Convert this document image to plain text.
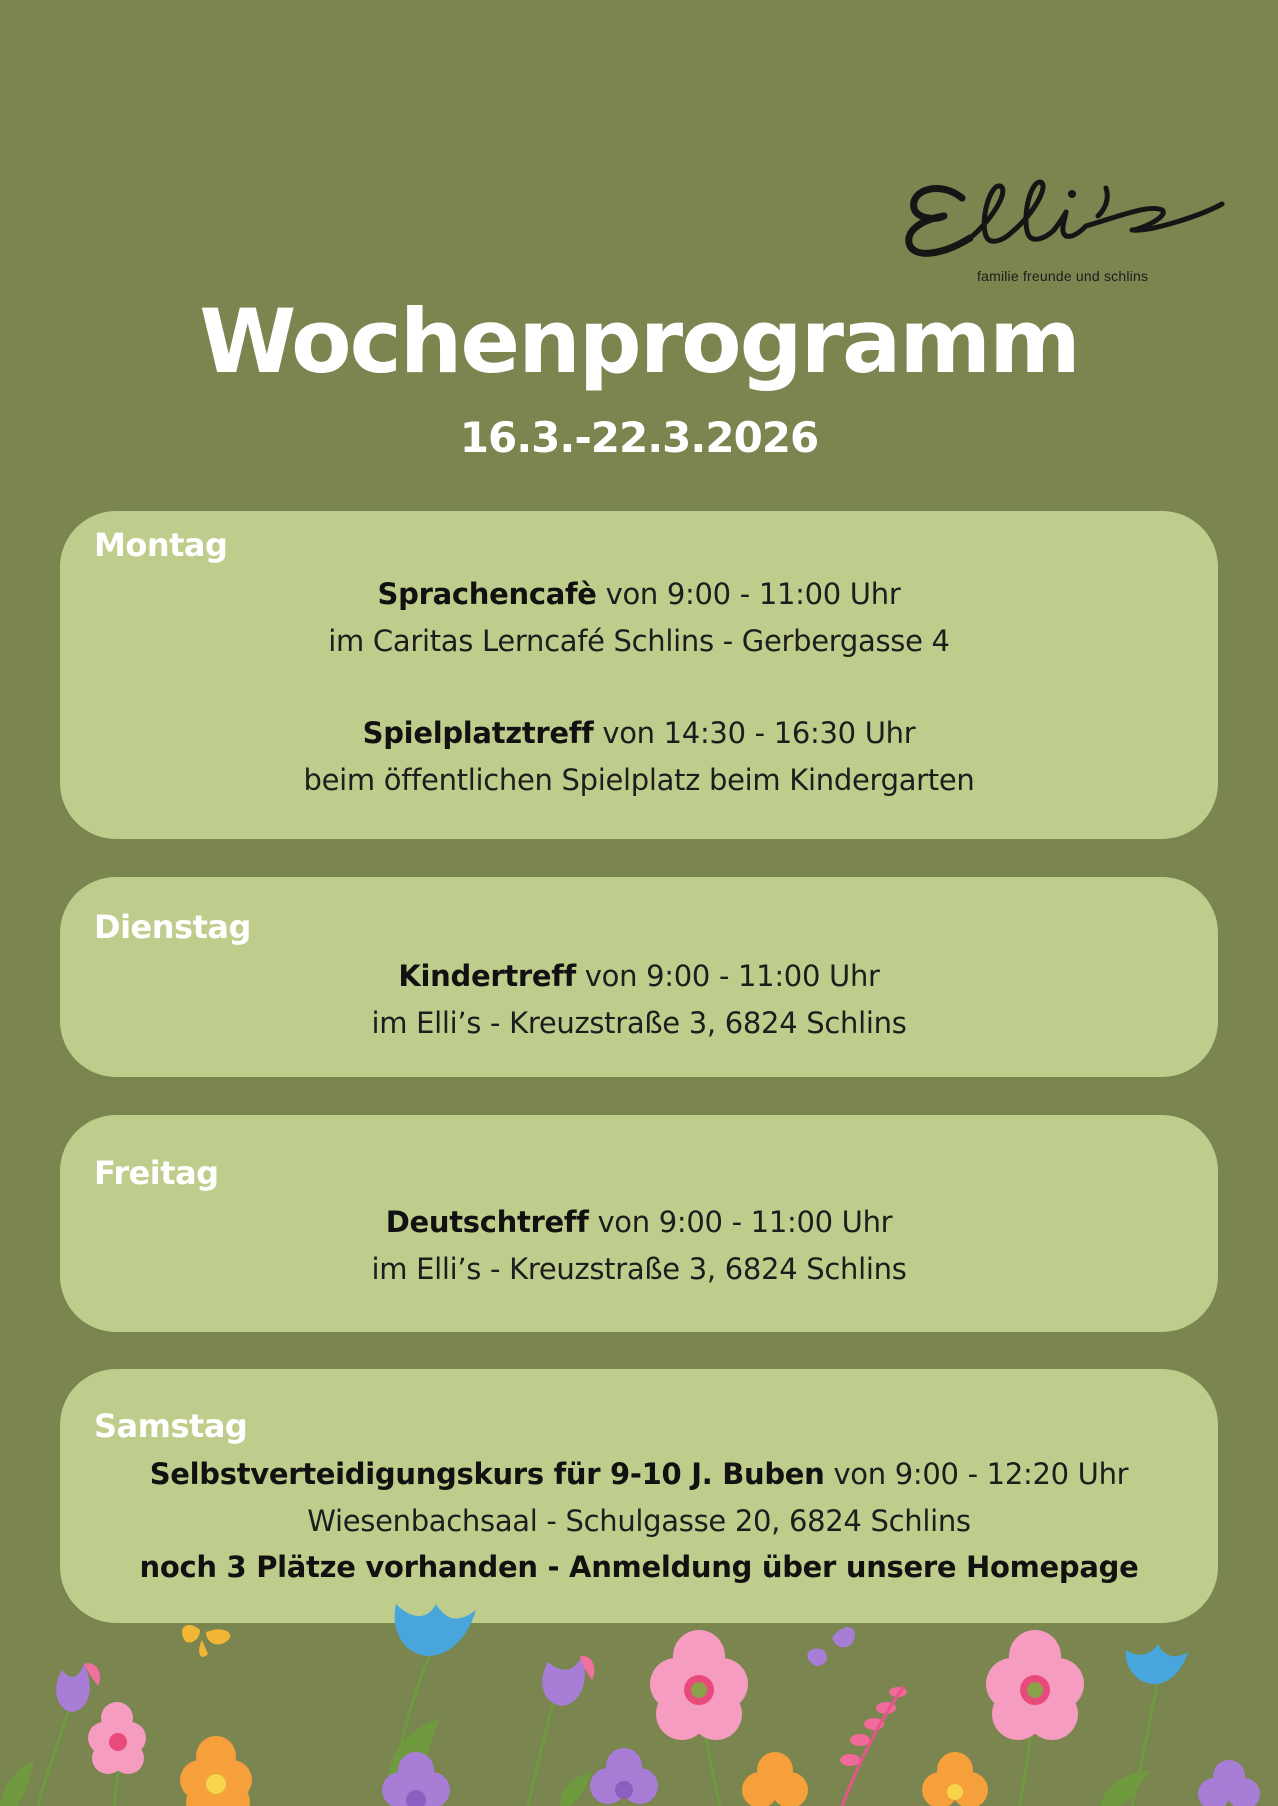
familie freunde und schlins
Wochenprogramm
16.3.-22.3.2026
Montag
Sprachencafè von 9:00 - 11:00 Uhr
im Caritas Lerncafé Schlins - Gerbergasse 4
Spielplatztreff von 14:30 - 16:30 Uhr
beim öffentlichen Spielplatz beim Kindergarten
Dienstag
Kindertreff von 9:00 - 11:00 Uhr
im Elli’s - Kreuzstraße 3, 6824 Schlins
Freitag
Deutschtreff von 9:00 - 11:00 Uhr
im Elli’s - Kreuzstraße 3, 6824 Schlins
Samstag
Selbstverteidigungskurs für 9-10 J. Buben von 9:00 - 12:20 Uhr
Wiesenbachsaal - Schulgasse 20, 6824 Schlins
noch 3 Plätze vorhanden - Anmeldung über unsere Homepage
